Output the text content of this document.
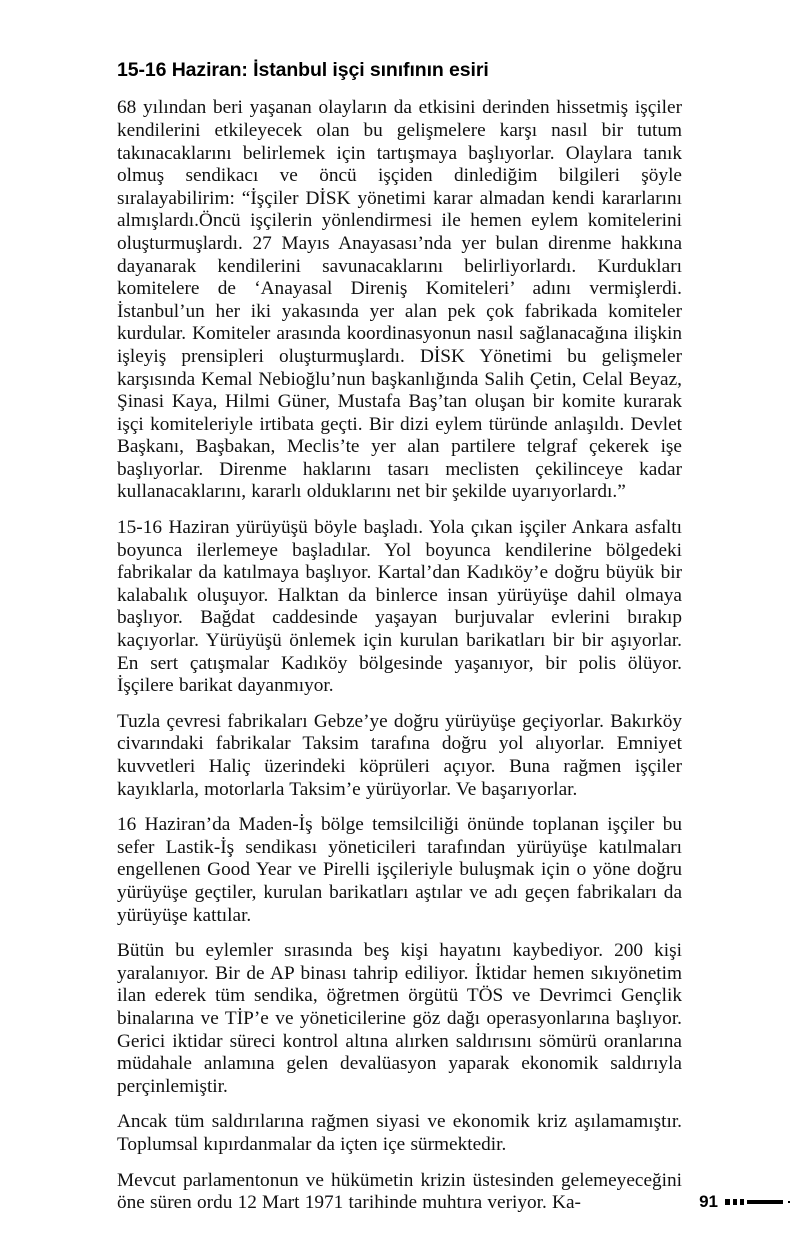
15-16 Haziran: İstanbul işçi sınıfının esiri

68 yılından beri yaşanan olayların da etkisini derinden hissetmiş işçiler kendilerini etkileyecek olan bu gelişmelere karşı nasıl bir tutum takınacaklarını belirlemek için tartışmaya başlıyorlar. Olaylara tanık olmuş sendikacı ve öncü işçiden dinlediğim bilgileri şöyle sıralayabilirim: “İşçiler DİSK yönetimi karar almadan kendi kararlarını almışlardı.Öncü işçilerin yönlendirmesi ile hemen eylem komitelerini oluşturmuşlardı. 27 Mayıs Anayasası’nda yer bulan direnme hakkına dayanarak kendilerini savunacaklarını belirliyorlardı. Kurdukları komitelere de ‘Anayasal Direniş Komiteleri’ adını vermişlerdi. İstanbul’un her iki yakasında yer alan pek çok fabrikada komiteler kurdular. Komiteler arasında koordinasyonun nasıl sağlanacağına ilişkin işleyiş prensipleri oluşturmuşlardı. DİSK Yönetimi bu gelişmeler karşısında Kemal Nebioğlu’nun başkanlığında Salih Çetin, Celal Beyaz, Şinasi Kaya, Hilmi Güner, Mustafa Baş’tan oluşan bir komite kurarak işçi komiteleriyle irtibata geçti. Bir dizi eylem türünde anlaşıldı. Devlet Başkanı, Başbakan, Meclis’te yer alan partilere telgraf çekerek işe başlıyorlar. Direnme haklarını tasarı meclisten çekilinceye kadar kullanacaklarını, kararlı olduklarını net bir şekilde uyarıyorlardı.”

15-16 Haziran yürüyüşü böyle başladı. Yola çıkan işçiler Ankara asfaltı boyunca ilerlemeye başladılar. Yol boyunca kendilerine bölgedeki fabrikalar da katılmaya başlıyor. Kartal’dan Kadıköy’e doğru büyük bir kalabalık oluşuyor. Halktan da binlerce insan yürüyüşe dahil olmaya başlıyor. Bağdat caddesinde yaşayan burjuvalar evlerini bırakıp kaçıyorlar. Yürüyüşü önlemek için kurulan barikatları bir bir aşıyorlar. En sert çatışmalar Kadıköy bölgesinde yaşanıyor, bir polis ölüyor. İşçilere barikat dayanmıyor.

Tuzla çevresi fabrikaları Gebze’ye doğru yürüyüşe geçiyorlar. Bakırköy civarındaki fabrikalar Taksim tarafına doğru yol alıyorlar. Emniyet kuvvetleri Haliç üzerindeki köprüleri açıyor. Buna rağmen işçiler kayıklarla, motorlarla Taksim’e yürüyorlar. Ve başarıyorlar.

16 Haziran’da Maden-İş bölge temsilciliği önünde toplanan işçiler bu sefer Lastik-İş sendikası yöneticileri tarafından yürüyüşe katılmaları engellenen Good Year ve Pirelli işçileriyle buluşmak için o yöne doğru yürüyüşe geçtiler, kurulan barikatları aştılar ve adı geçen fabrikaları da yürüyüşe kattılar.

Bütün bu eylemler sırasında beş kişi hayatını kaybediyor. 200 kişi yaralanıyor. Bir de AP binası tahrip ediliyor. İktidar hemen sıkıyönetim ilan ederek tüm sendika, öğretmen örgütü TÖS ve Devrimci Gençlik binalarına ve TİP’e ve yöneticilerine göz dağı operasyonlarına başlıyor. Gerici iktidar süreci kontrol altına alırken saldırısını sömürü oranlarına müdahale anlamına gelen devalüasyon yaparak ekonomik saldırıyla perçinlemiştir.

Ancak tüm saldırılarına rağmen siyasi ve ekonomik kriz aşılamamıştır. Toplumsal kıpırdanmalar da içten içe sürmektedir.

Mevcut parlamentonun ve hükümetin krizin üstesinden gelemeyeceğini öne süren ordu 12 Mart 1971 tarihinde muhtıra veriyor. Ka-	91
